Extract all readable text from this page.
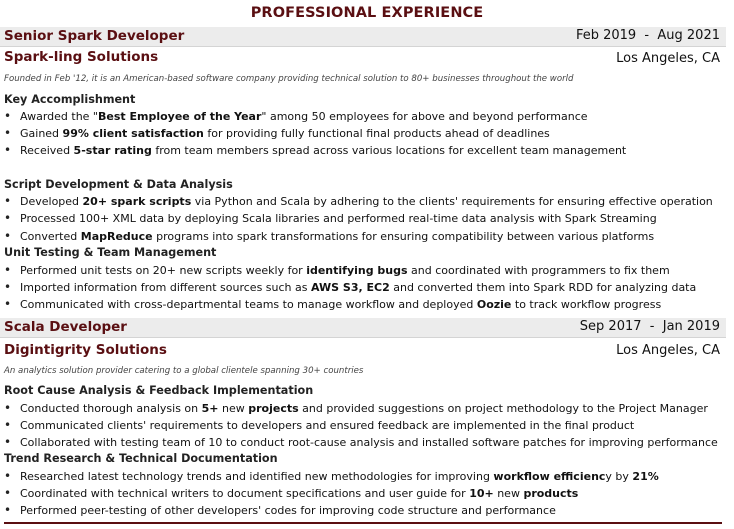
PROFESSIONAL EXPERIENCE
Senior Spark Developer	Feb 2019  -  Aug 2021
Spark-ling Solutions	Los Angeles, CA
Founded in Feb '12, it is an American-based software company providing technical solution to 80+ businesses throughout the world
Key Accomplishment
• Awarded the "Best Employee of the Year" among 50 employees for above and beyond performance
• Gained 99% client satisfaction for providing fully functional final products ahead of deadlines
• Received 5-star rating from team members spread across various locations for excellent team management
Script Development & Data Analysis
• Developed 20+ spark scripts via Python and Scala by adhering to the clients' requirements for ensuring effective operation
• Processed 100+ XML data by deploying Scala libraries and performed real-time data analysis with Spark Streaming
• Converted MapReduce programs into spark transformations for ensuring compatibility between various platforms
Unit Testing & Team Management
• Performed unit tests on 20+ new scripts weekly for identifying bugs and coordinated with programmers to fix them
• Imported information from different sources such as AWS S3, EC2 and converted them into Spark RDD for analyzing data
• Communicated with cross-departmental teams to manage workflow and deployed Oozie to track workflow progress
Scala Developer	Sep 2017  -  Jan 2019
Digintigrity Solutions	Los Angeles, CA
An analytics solution provider catering to a global clientele spanning 30+ countries
Root Cause Analysis & Feedback Implementation
• Conducted thorough analysis on 5+ new projects and provided suggestions on project methodology to the Project Manager
• Communicated clients' requirements to developers and ensured feedback are implemented in the final product
• Collaborated with testing team of 10 to conduct root-cause analysis and installed software patches for improving performance
Trend Research & Technical Documentation
• Researched latest technology trends and identified new methodologies for improving workflow efficiency by 21%
• Coordinated with technical writers to document specifications and user guide for 10+ new products
• Performed peer-testing of other developers' codes for improving code structure and performance
